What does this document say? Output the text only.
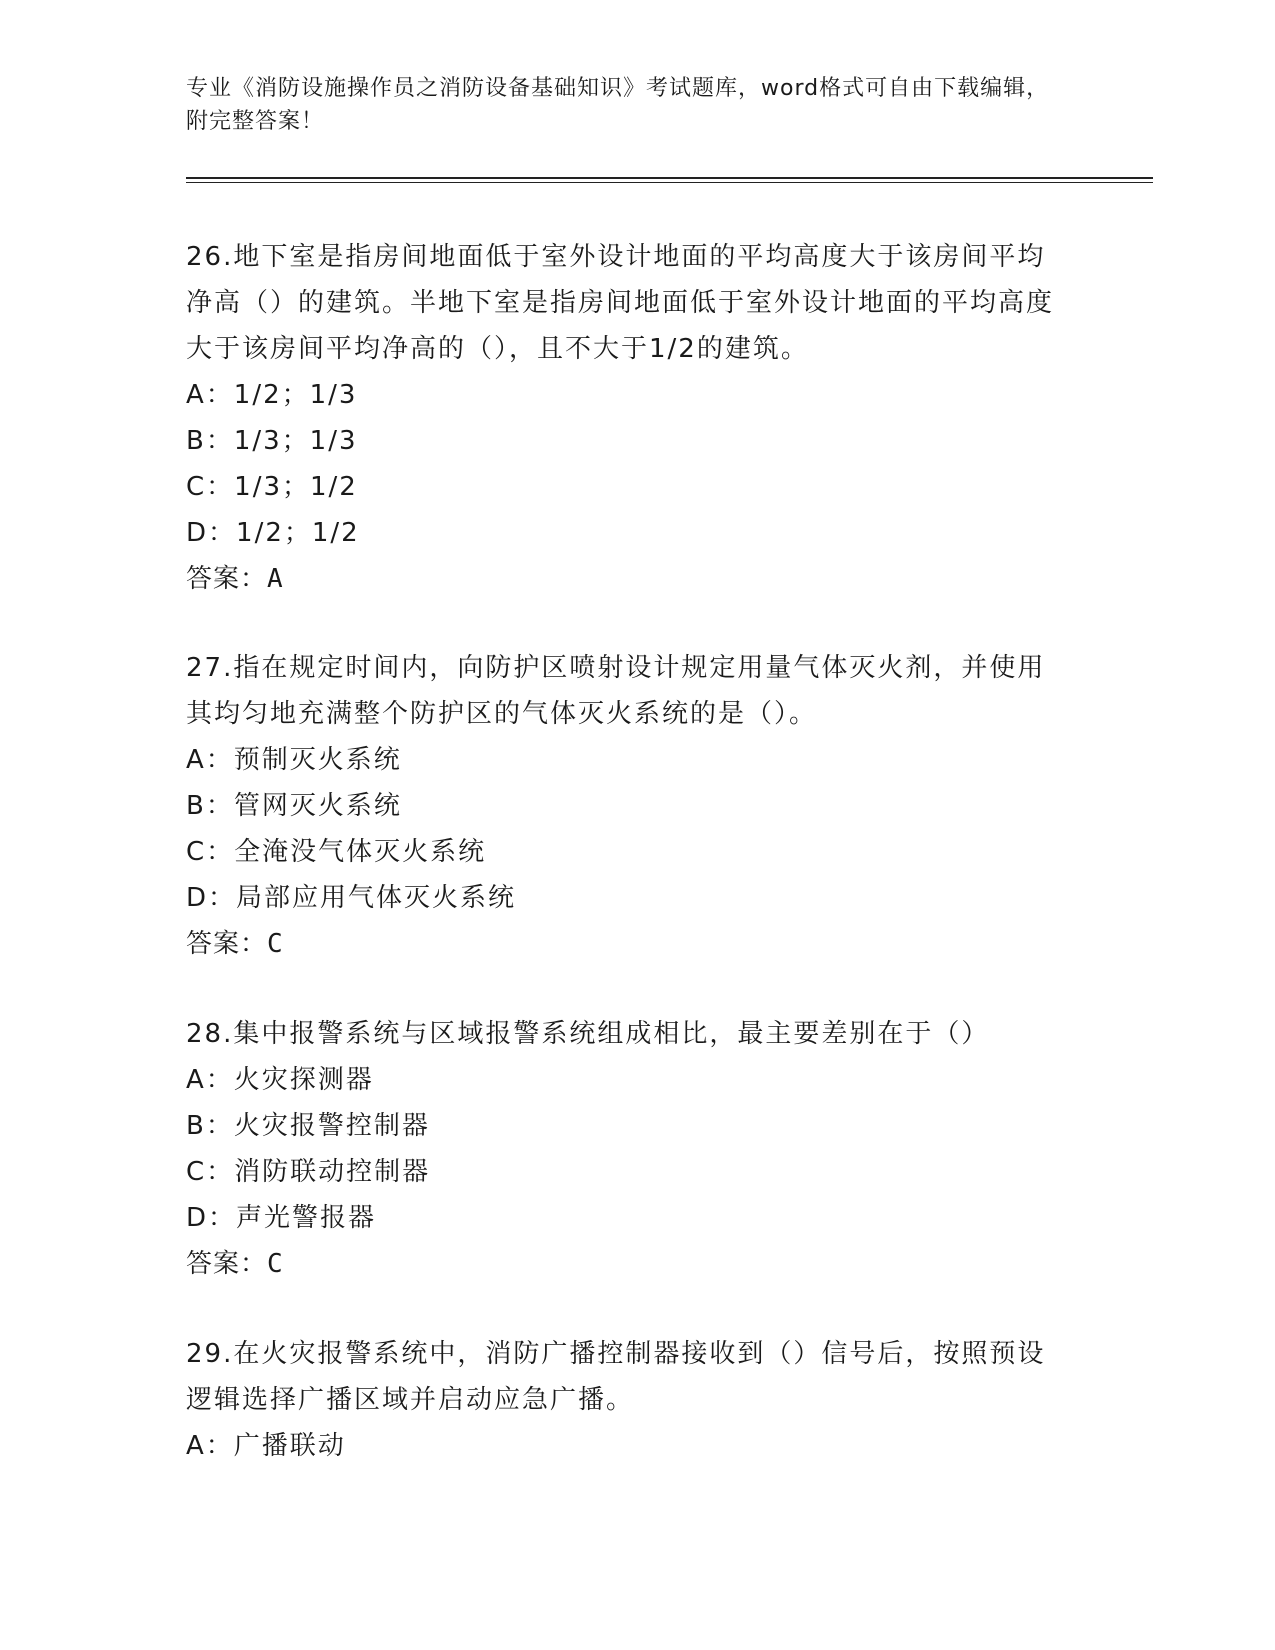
专业《消防设施操作员之消防设备基础知识》考试题库，word格式可自由下载编辑，附完整答案！

26.地下室是指房间地面低于室外设计地面的平均高度大于该房间平均净高（）的建筑。半地下室是指房间地面低于室外设计地面的平均高度大于该房间平均净高的（），且不大于1/2的建筑。

A：1/2；1/3
B：1/3；1/3
C：1/3；1/2
D：1/2；1/2
答案：A

27.指在规定时间内，向防护区喷射设计规定用量气体灭火剂，并使用其均匀地充满整个防护区的气体灭火系统的是（）。

A：预制灭火系统
B：管网灭火系统
C：全淹没气体灭火系统
D：局部应用气体灭火系统
答案：C

28.集中报警系统与区域报警系统组成相比，最主要差别在于（）

A：火灾探测器
B：火灾报警控制器
C：消防联动控制器
D：声光警报器
答案：C

29.在火灾报警系统中，消防广播控制器接收到（）信号后，按照预设逻辑选择广播区域并启动应急广播。

A：广播联动
